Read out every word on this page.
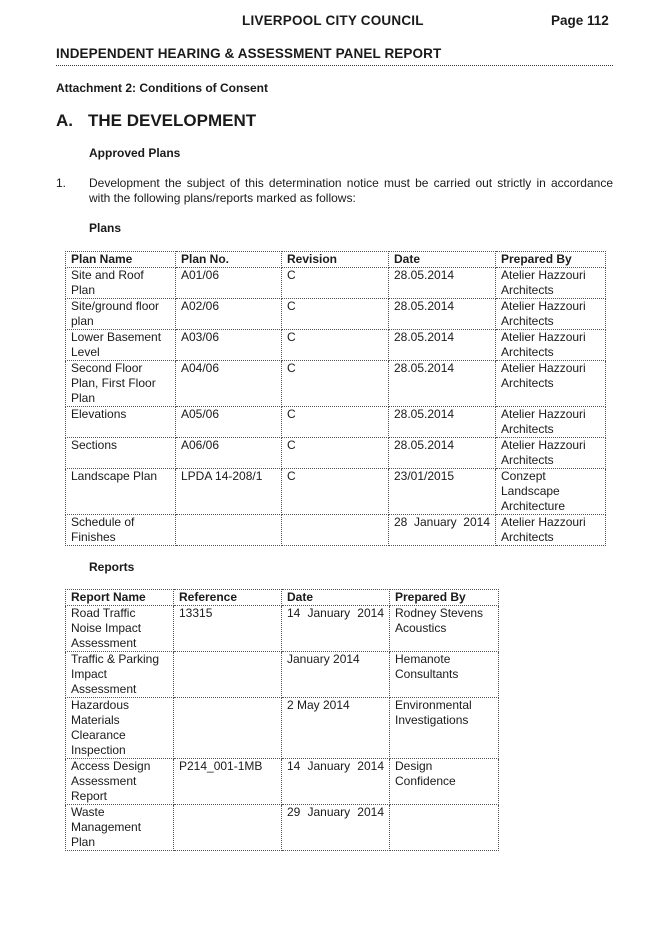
LIVERPOOL CITY COUNCIL	Page 112
INDEPENDENT HEARING & ASSESSMENT PANEL REPORT
Attachment 2: Conditions of Consent
A. THE DEVELOPMENT
Approved Plans
1. Development the subject of this determination notice must be carried out strictly in accordance with the following plans/reports marked as follows:
Plans
Plan Name	Plan No.	Revision	Date	Prepared By
Site and Roof Plan	A01/06	C	28.05.2014	Atelier Hazzouri Architects
Site/ground floor plan	A02/06	C	28.05.2014	Atelier Hazzouri Architects
Lower Basement Level	A03/06	C	28.05.2014	Atelier Hazzouri Architects
Second Floor Plan, First Floor Plan	A04/06	C	28.05.2014	Atelier Hazzouri Architects
Elevations	A05/06	C	28.05.2014	Atelier Hazzouri Architects
Sections	A06/06	C	28.05.2014	Atelier Hazzouri Architects
Landscape Plan	LPDA 14-208/1	C	23/01/2015	Conzept Landscape Architecture
Schedule of Finishes			28 January 2014	Atelier Hazzouri Architects
Reports
Report Name	Reference	Date	Prepared By
Road Traffic Noise Impact Assessment	13315	14 January 2014	Rodney Stevens Acoustics
Traffic & Parking Impact Assessment		January 2014	Hemanote Consultants
Hazardous Materials Clearance Inspection		2 May 2014	Environmental Investigations
Access Design Assessment Report	P214_001-1MB	14 January 2014	Design Confidence
Waste Management Plan		29 January 2014	
